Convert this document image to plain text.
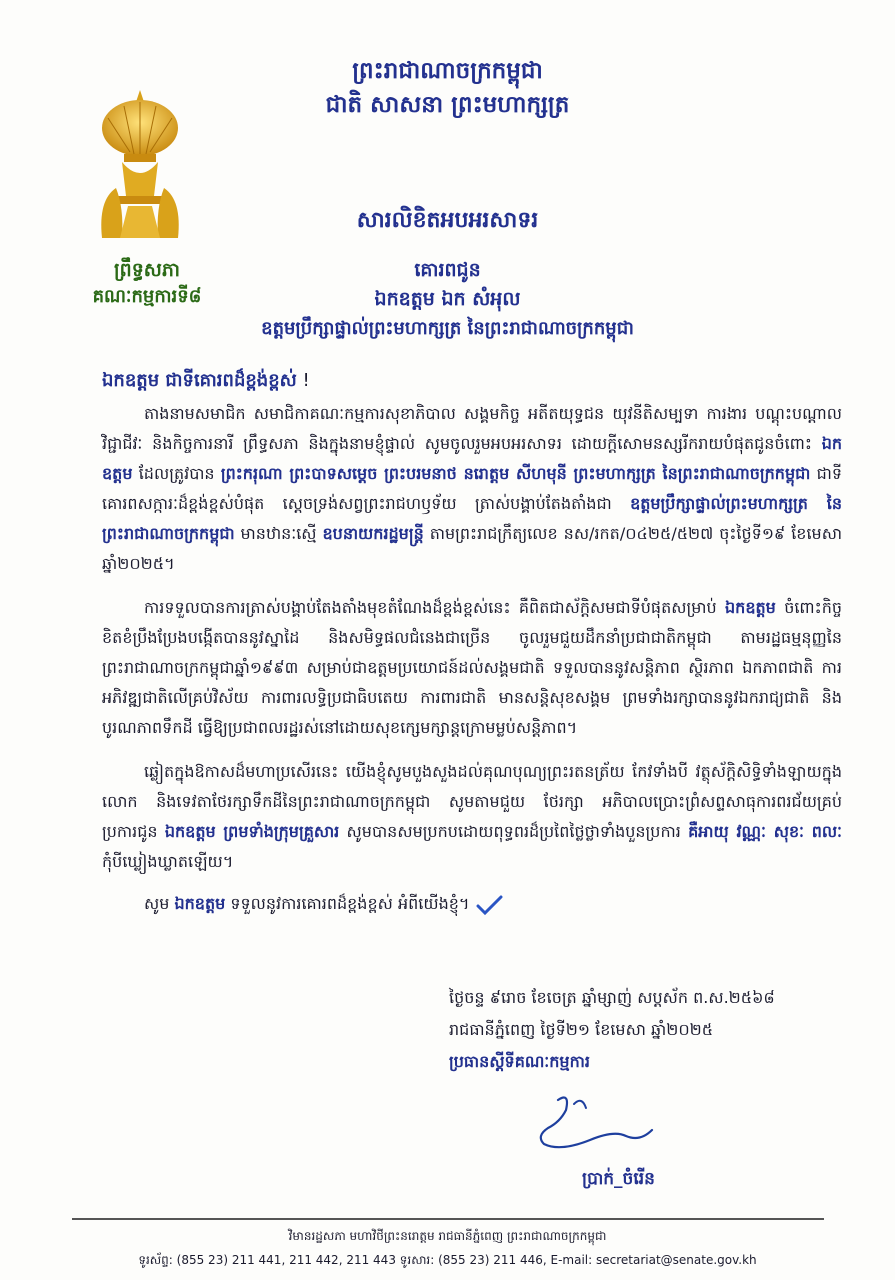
ព្រះរាជាណាចក្រកម្ពុជា
ជាតិ សាសនា ព្រះមហាក្សត្រ
ព្រឹទ្ធសភា
គណៈកម្មការទី៨
សារលិខិតអបអរសាទរ
គោរពជូន
ឯកឧត្តម ឯក សំអុល
ឧត្តមប្រឹក្សាផ្ទាល់ព្រះមហាក្សត្រ នៃព្រះរាជាណាចក្រកម្ពុជា
ឯកឧត្តម ជាទីគោរពដ៏ខ្ពង់ខ្ពស់ !

តាងនាមសមាជិក សមាជិកាគណៈកម្មការសុខាភិបាល សង្គមកិច្ច អតីតយុទ្ធជន យុវនីតិសម្បទា ការងារ បណ្តុះបណ្តាលវិជ្ជាជីវៈ និងកិច្ចការនារី ព្រឹទ្ធសភា និងក្នុងនាមខ្ញុំផ្ទាល់ សូមចូលរួមអបអរសាទរ ដោយក្តីសោមនស្សរីករាយបំផុតជូនចំពោះ ឯកឧត្តម ដែលត្រូវបាន ព្រះករុណា ព្រះបាទសម្តេច ព្រះបរមនាថ នរោត្តម សីហមុនី ព្រះមហាក្សត្រ នៃព្រះរាជាណាចក្រកម្ពុជា ជាទីគោរពសក្ការៈដ៏ខ្ពង់ខ្ពស់បំផុត ស្តេចទ្រង់សព្វព្រះរាជហឫទ័យ ត្រាស់បង្គាប់តែងតាំងជា ឧត្តមប្រឹក្សាផ្ទាល់ព្រះមហាក្សត្រ នៃព្រះរាជាណាចក្រកម្ពុជា មានឋានៈស្មើ ឧបនាយករដ្ឋមន្ត្រី តាមព្រះរាជក្រឹត្យលេខ នស/រកត/០៤២៥/៥២៧ ចុះថ្ងៃទី១៩ ខែមេសា ឆ្នាំ២០២៥។

ការទទួលបានការត្រាស់បង្គាប់តែងតាំងមុខតំណែងដ៏ខ្ពង់ខ្ពស់នេះ គឺពិតជាស័ក្តិសមជាទីបំផុតសម្រាប់ ឯកឧត្តម ចំពោះកិច្ចខិតខំប្រឹងប្រែងបង្កើតបាននូវស្នាដៃ និងសមិទ្ធផលជំនេងជាច្រើន ចូលរួមជួយដឹកនាំប្រជាជាតិកម្ពុជា តាមរដ្ឋធម្មនុញ្ញនៃព្រះរាជាណាចក្រកម្ពុជាឆ្នាំ១៩៩៣ សម្រាប់ជាឧត្តមប្រយោជន៍ដល់សង្គមជាតិ ទទួលបាននូវសន្តិភាព ស្ថិរភាព ឯកភាពជាតិ ការអភិវឌ្ឍជាតិលើគ្រប់វិស័យ ការពារលទ្ធិប្រជាធិបតេយ ការពារជាតិ មានសន្តិសុខសង្គម ព្រមទាំងរក្សាបាននូវឯករាជ្យជាតិ និងបូរណភាពទឹកដី ធ្វើឱ្យប្រជាពលរដ្ឋរស់នៅដោយសុខក្សេមក្សាន្តក្រោមម្លប់សន្តិភាព។

ឆ្លៀតក្នុងឱកាសដ៏មហាប្រសើរនេះ យើងខ្ញុំសូមបួងសួងដល់គុណបុណ្យព្រះរតនត្រ័យ កែវទាំងបី វត្ថុស័ក្តិសិទ្ធិទាំងឡាយក្នុងលោក និងទេវតាថែរក្សាទឹកដីនៃព្រះរាជាណាចក្រកម្ពុជា សូមតាមជួយ ថែរក្សា អភិបាលប្រោះព្រំសព្ទសាធុការពរជ័យគ្រប់ប្រការជូន ឯកឧត្តម ព្រមទាំងក្រុមគ្រួសារ សូមបានសមប្រកបដោយពុទ្ធពរដ៏ប្រពៃថ្លៃថ្លាទាំងបួនប្រការ គឺអាយុ វណ្ណៈ សុខៈ ពលៈ កុំបីឃ្លៀងឃ្លាតឡើយ។

សូម ឯកឧត្តម ទទួលនូវការគោរពដ៏ខ្ពង់ខ្ពស់ អំពីយើងខ្ញុំ។
ថ្ងៃចន្ទ ៩រោច ខែចេត្រ ឆ្នាំម្សាញ់ សប្តស័ក ព.ស.២៥៦៨
រាជធានីភ្នំពេញ ថ្ងៃទី២១ ខែមេសា ឆ្នាំ២០២៥
ប្រធានស្តីទីគណៈកម្មការ
ប្រាក់_ចំរើន
វិមានរដ្ឋសភា មហាវិថីព្រះនរោត្តម រាជធានីភ្នំពេញ ព្រះរាជាណាចក្រកម្ពុជា
ទូរស័ព្ទ: (855 23) 211 441, 211 442, 211 443 ទូរសារ: (855 23) 211 446, E-mail: secretariat@senate.gov.kh
